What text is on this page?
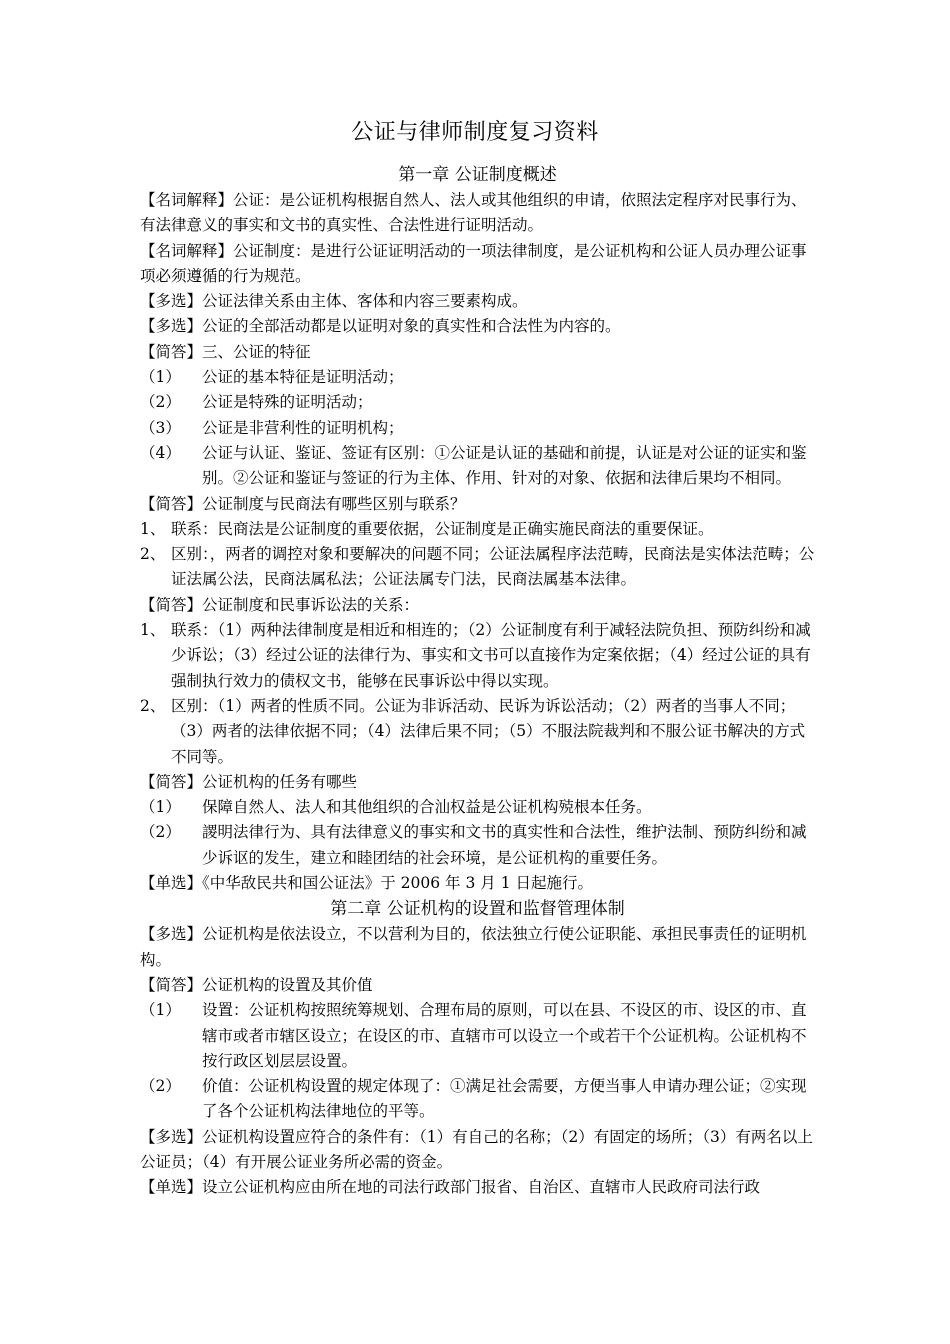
公证与律师制度复习资料
第一章 公证制度概述

【名词解释】公证：是公证机构根据自然人、法人或其他组织的申请，依照法定程序对民事行为、有法律意义的事实和文书的真实性、合法性进行证明活动。

【名词解释】公证制度：是进行公证证明活动的一项法律制度，是公证机构和公证人员办理公证事项必须遵循的行为规范。

【多选】公证法律关系由主体、客体和内容三要素构成。

【多选】公证的全部活动都是以证明对象的真实性和合法性为内容的。

【简答】三、公证的特征

（1）	公证的基本特征是证明活动；
（2）	公证是特殊的证明活动；
（3）	公证是非营利性的证明机构；
（4）	公证与认证、鉴证、签证有区别：①公证是认证的基础和前提，认证是对公证的证实和鉴别。②公证和鉴证与签证的行为主体、作用、针对的对象、依据和法律后果均不相同。

【简答】公证制度与民商法有哪些区别与联系？

1、 联系：民商法是公证制度的重要依据，公证制度是正确实施民商法的重要保证。
2、 区别：，两者的调控对象和要解决的问题不同；公证法属程序法范畴，民商法是实体法范畴；公证法属公法，民商法属私法；公证法属专门法，民商法属基本法律。

【简答】公证制度和民事诉讼法的关系：

1、 联系：（1）两种法律制度是相近和相连的；（2）公证制度有利于减轻法院负担、预防纠纷和减少诉讼；（3）经过公证的法律行为、事实和文书可以直接作为定案依据；（4）经过公证的具有强制执行效力的债权文书，能够在民事诉讼中得以实现。
2、 区别：（1）两者的性质不同。公证为非诉活动、民诉为诉讼活动；（2）两者的当事人不同；（3）两者的法律依据不同；（4）法律后果不同；（5）不服法院裁判和不服公证书解决的方式不同等。

【简答】公证机构的任务有哪些

（1）	保障自然人、法人和其他组织的合汕权益是公证机构殑根本任务。
（2）	謖明法律行为、具有法律意义的事实和文书的真实性和合法性，维护法制、预防纠纷和减少诉讴的发生，建立和睦团结的社会环境，是公证机构的重要任务。

【单选】《中华敌民共和国公证法》于 2006 年 3 月 1 日起施行。

第二章 公证机构的设置和监督管理体制

【多选】公证机构是依法设立，不以营利为目的，依法独立行使公证职能、承担民事责任的证明机构。

【简答】公证机构的设置及其价值

（1）	设置：公证机构按照统筹规划、合理布局的原则，可以在县、不设区的市、设区的市、直辖市或者市辖区设立；在设区的市、直辖市可以设立一个或若干个公证机构。公证机构不按行政区划层层设置。
（2）	价值：公证机构设置的规定体现了：①满足社会需要，方便当事人申请办理公证；②实现了各个公证机构法律地位的平等。

【多选】公证机构设置应符合的条件有：（1）有自己的名称；（2）有固定的场所；（3）有两名以上公证员；（4）有开展公证业务所必需的资金。

【单选】设立公证机构应由所在地的司法行政部门报省、自治区、直辖市人民政府司法行政
